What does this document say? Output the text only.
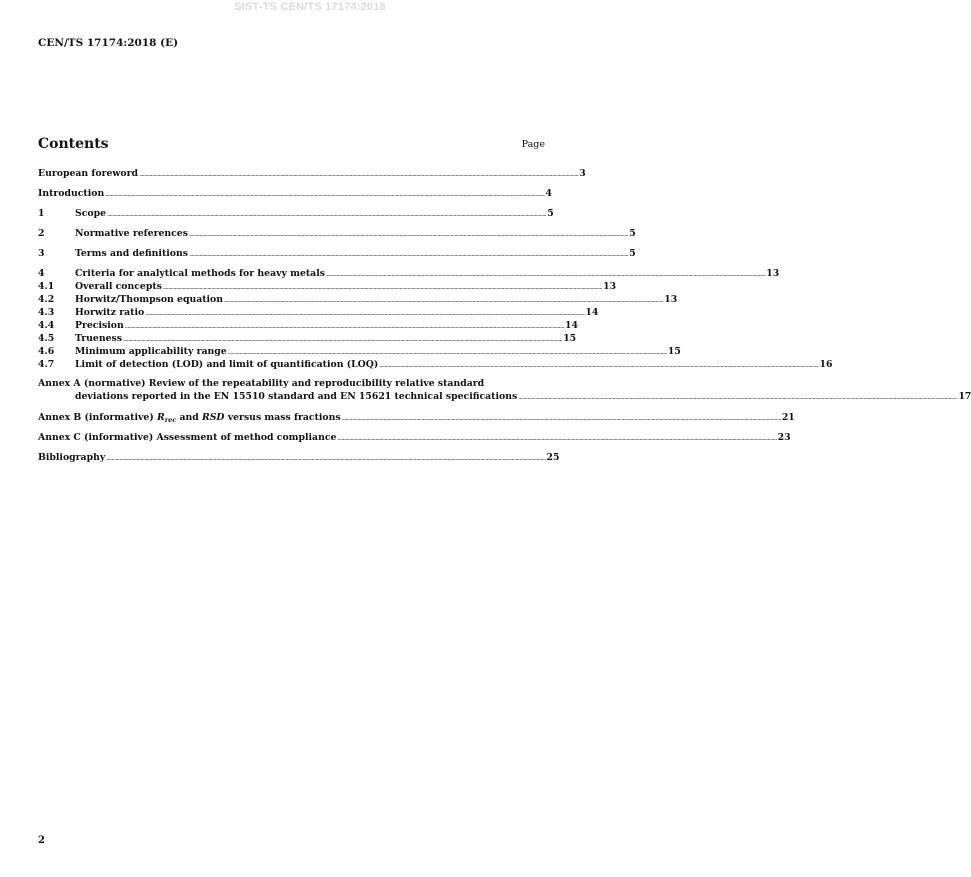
SIST-TS CEN/TS 17174:2018
CEN/TS 17174:2018 (E)
Contents	Page
European foreword ................................................................................................................................................................................................................................................................................................................................................ 3
Introduction ................................................................................................................................................................................................................................................................................................................................................ 4
1	Scope ................................................................................................................................................................................................................................................................................................................................................ 5
2	Normative references ................................................................................................................................................................................................................................................................................................................................................ 5
3	Terms and definitions ................................................................................................................................................................................................................................................................................................................................................ 5
4	Criteria for analytical methods for heavy metals ................................................................................................................................................................................................................................................................................................................................................ 13
4.1	Overall concepts ................................................................................................................................................................................................................................................................................................................................................ 13
4.2	Horwitz/Thompson equation ................................................................................................................................................................................................................................................................................................................................................ 13
4.3	Horwitz ratio ................................................................................................................................................................................................................................................................................................................................................ 14
4.4	Precision ................................................................................................................................................................................................................................................................................................................................................ 14
4.5	Trueness ................................................................................................................................................................................................................................................................................................................................................ 15
4.6	Minimum applicability range ................................................................................................................................................................................................................................................................................................................................................ 15
4.7	Limit of detection (LOD) and limit of quantification (LOQ) ................................................................................................................................................................................................................................................................................................................................................ 16
Annex A (normative) Review of the repeatability and reproducibility relative standard
deviations reported in the EN 15510 standard and EN 15621 technical specifications ................................................................................................................................................................................................................................................................................................................................................ 17
Annex B (informative) $R_{rec}$ and RSD versus mass fractions ................................................................................................................................................................................................................................................................................................................................................ 21
Annex C (informative) Assessment of method compliance ................................................................................................................................................................................................................................................................................................................................................ 23
Bibliography ................................................................................................................................................................................................................................................................................................................................................ 25
2
